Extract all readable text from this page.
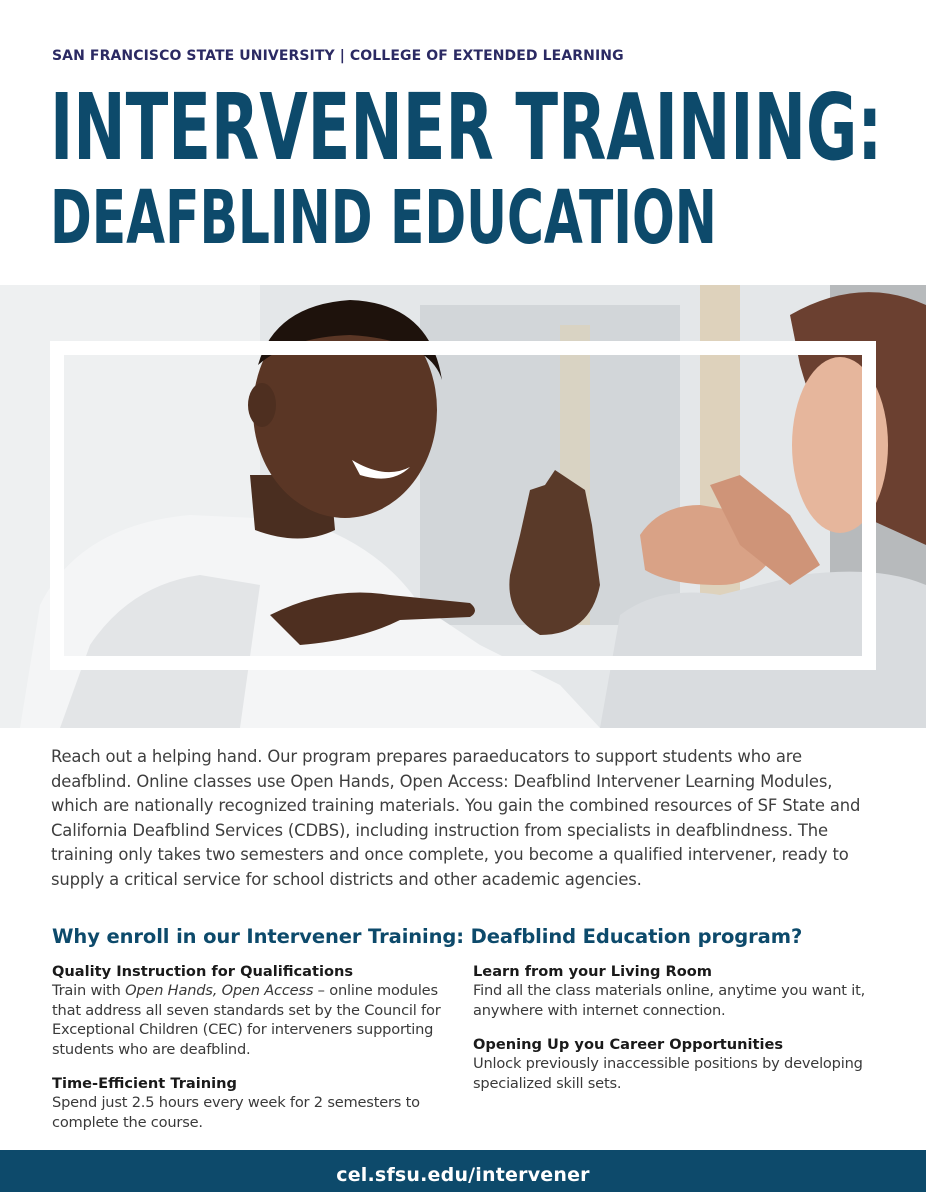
SAN FRANCISCO STATE UNIVERSITY | COLLEGE OF EXTENDED LEARNING
INTERVENER TRAINING:
DEAFBLIND EDUCATION

Reach out a helping hand. Our program prepares paraeducators to support students who are deafblind. Online classes use Open Hands, Open Access: Deafblind Intervener Learning Modules, which are nationally recognized training materials. You gain the combined resources of SF State and California Deafblind Services (CDBS), including instruction from specialists in deafblindness. The training only takes two semesters and once complete, you become a qualified intervener, ready to supply a critical service for school districts and other academic agencies.

Why enroll in our Intervener Training: Deafblind Education program?
Quality Instruction for Qualifications

Train with Open Hands, Open Access – online modules that address all seven standards set by the Council for Exceptional Children (CEC) for interveners supporting students who are deafblind.

Time-Efficient Training

Spend just 2.5 hours every week for 2 semesters to complete the course.

Learn from your Living Room

Find all the class materials online, anytime you want it, anywhere with internet connection.

Opening Up you Career Opportunities

Unlock previously inaccessible positions by developing specialized skill sets.

cel.sfsu.edu/intervener
